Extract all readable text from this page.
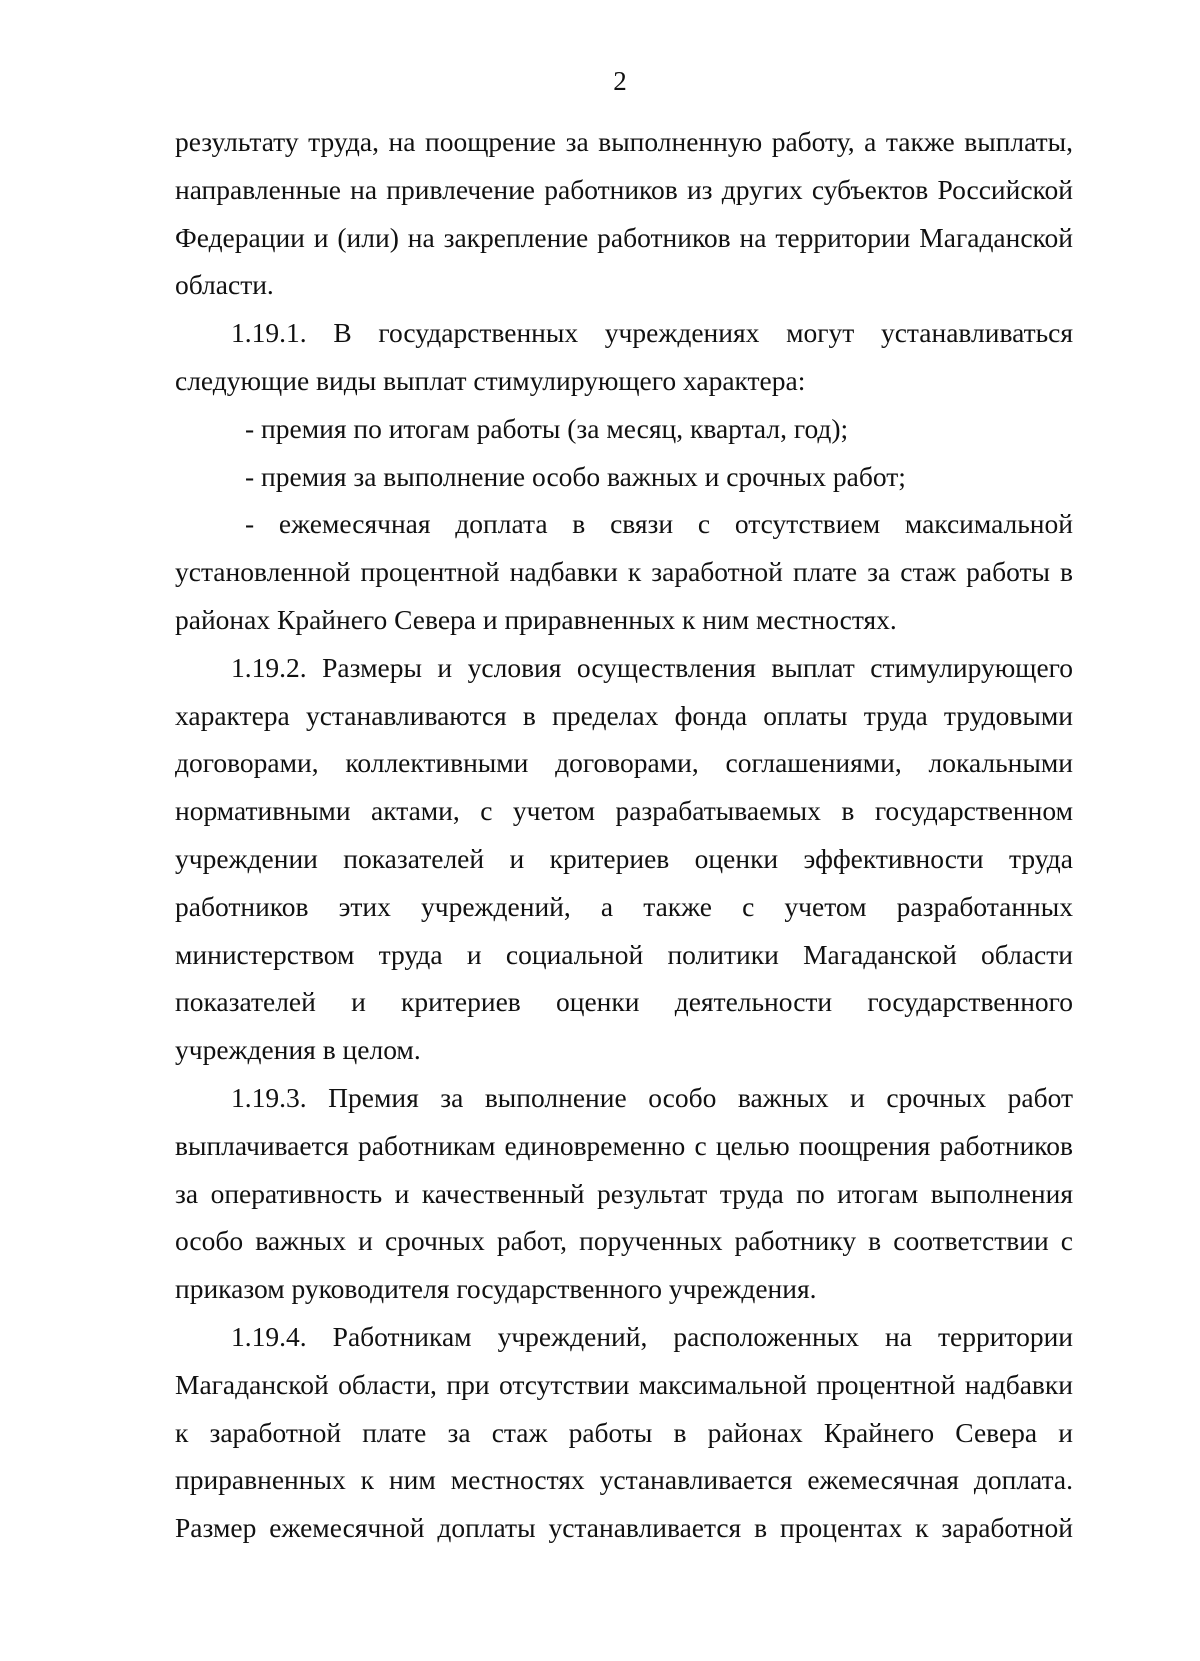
2

результату труда, на поощрение за выполненную работу, а также выплаты, направленные на привлечение работников из других субъектов Российской Федерации и (или) на закрепление работников на территории Магаданской области.

1.19.1. В государственных учреждениях могут устанавливаться следующие виды выплат стимулирующего характера:

- премия по итогам работы (за месяц, квартал, год);

- премия за выполнение особо важных и срочных работ;

- ежемесячная доплата в связи с отсутствием максимальной установленной процентной надбавки к заработной плате за стаж работы в районах Крайнего Севера и приравненных к ним местностях.

1.19.2. Размеры и условия осуществления выплат стимулирующего характера устанавливаются в пределах фонда оплаты труда трудовыми договорами, коллективными договорами, соглашениями, локальными нормативными актами, с учетом разрабатываемых в государственном учреждении показателей и критериев оценки эффективности труда работников этих учреждений, а также с учетом разработанных министерством труда и социальной политики Магаданской области показателей и критериев оценки деятельности государственного учреждения в целом.

1.19.3. Премия за выполнение особо важных и срочных работ выплачивается работникам единовременно с целью поощрения работников за оперативность и качественный результат труда по итогам выполнения особо важных и срочных работ, порученных работнику в соответствии с приказом руководителя государственного учреждения.

1.19.4. Работникам учреждений, расположенных на территории Магаданской области, при отсутствии максимальной процентной надбавки к заработной плате за стаж работы в районах Крайнего Севера и приравненных к ним местностях устанавливается ежемесячная доплата. Размер ежемесячной доплаты устанавливается в процентах к заработной
